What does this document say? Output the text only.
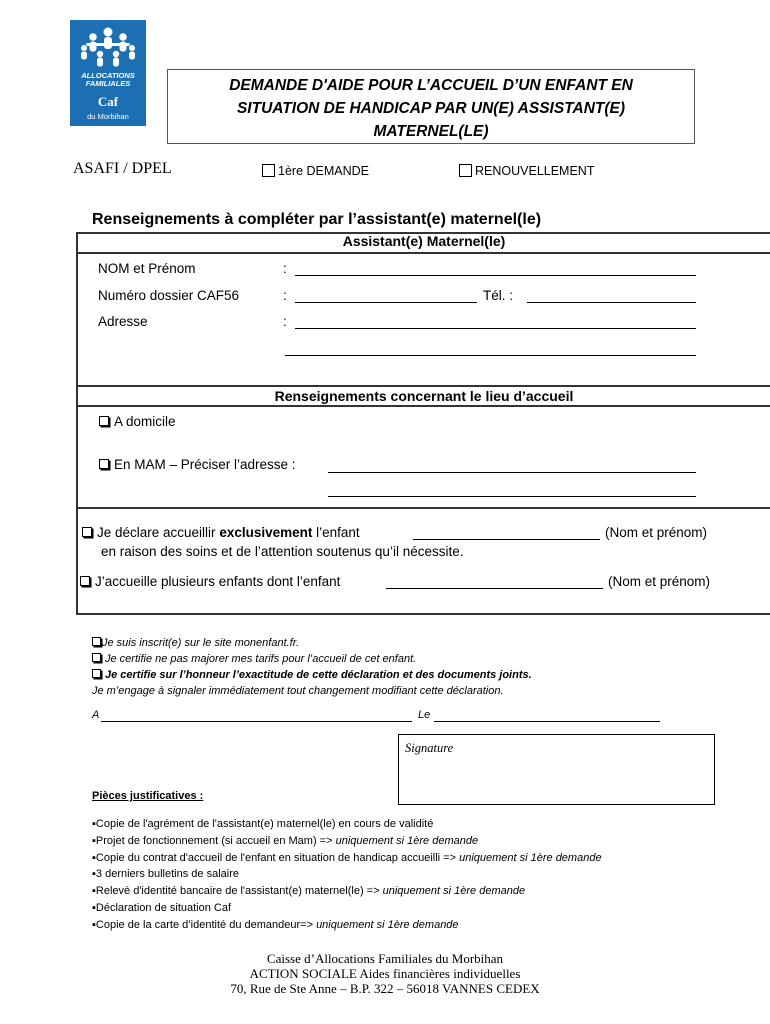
ALLOCATIONS
FAMILIALES
Caf
du Morbihan
DEMANDE D'AIDE POUR L’ACCUEIL D’UN ENFANT EN
SITUATION DE HANDICAP PAR UN(E) ASSISTANT(E)
MATERNEL(LE)
ASAFI / DPEL	1ère DEMANDE	RENOUVELLEMENT
Renseignements à compléter par l’assistant(e) maternel(le)
Assistant(e) Maternel(le)
NOM et Prénom	:
Numéro dossier CAF56	:	Tél. :
Adresse	:
Renseignements concernant le lieu d’accueil
A domicile
En MAM – Préciser l’adresse :
Je déclare accueillir exclusivement l’enfant	(Nom et prénom)
en raison des soins et de l’attention soutenus qu’il nécessite.
J’accueille plusieurs enfants dont l’enfant	(Nom et prénom)
Je suis inscrit(e) sur le site monenfant.fr.
Je certifie ne pas majorer mes tarifs pour l’accueil de cet enfant.
Je certifie sur l’honneur l’exactitude de cette déclaration et des documents joints.
Je m’engage à signaler immédiatement tout changement modifiant cette déclaration.
A	Le
Signature
Pièces justificatives :
▪Copie de l'agrément de l'assistant(e) maternel(le) en cours de validité
▪Projet de fonctionnement (si accueil en Mam) => uniquement si 1ère demande
▪Copie du contrat d'accueil de l'enfant en situation de handicap accueilli => uniquement si 1ère demande
▪3 derniers bulletins de salaire
▪Relevé d'identité bancaire de l'assistant(e) maternel(le) => uniquement si 1ère demande
▪Déclaration de situation Caf
▪Copie de la carte d’identité du demandeur=> uniquement si 1ère demande
Caisse d’Allocations Familiales du Morbihan
ACTION SOCIALE Aides financières individuelles
70, Rue de Ste Anne – B.P. 322 – 56018 VANNES CEDEX
